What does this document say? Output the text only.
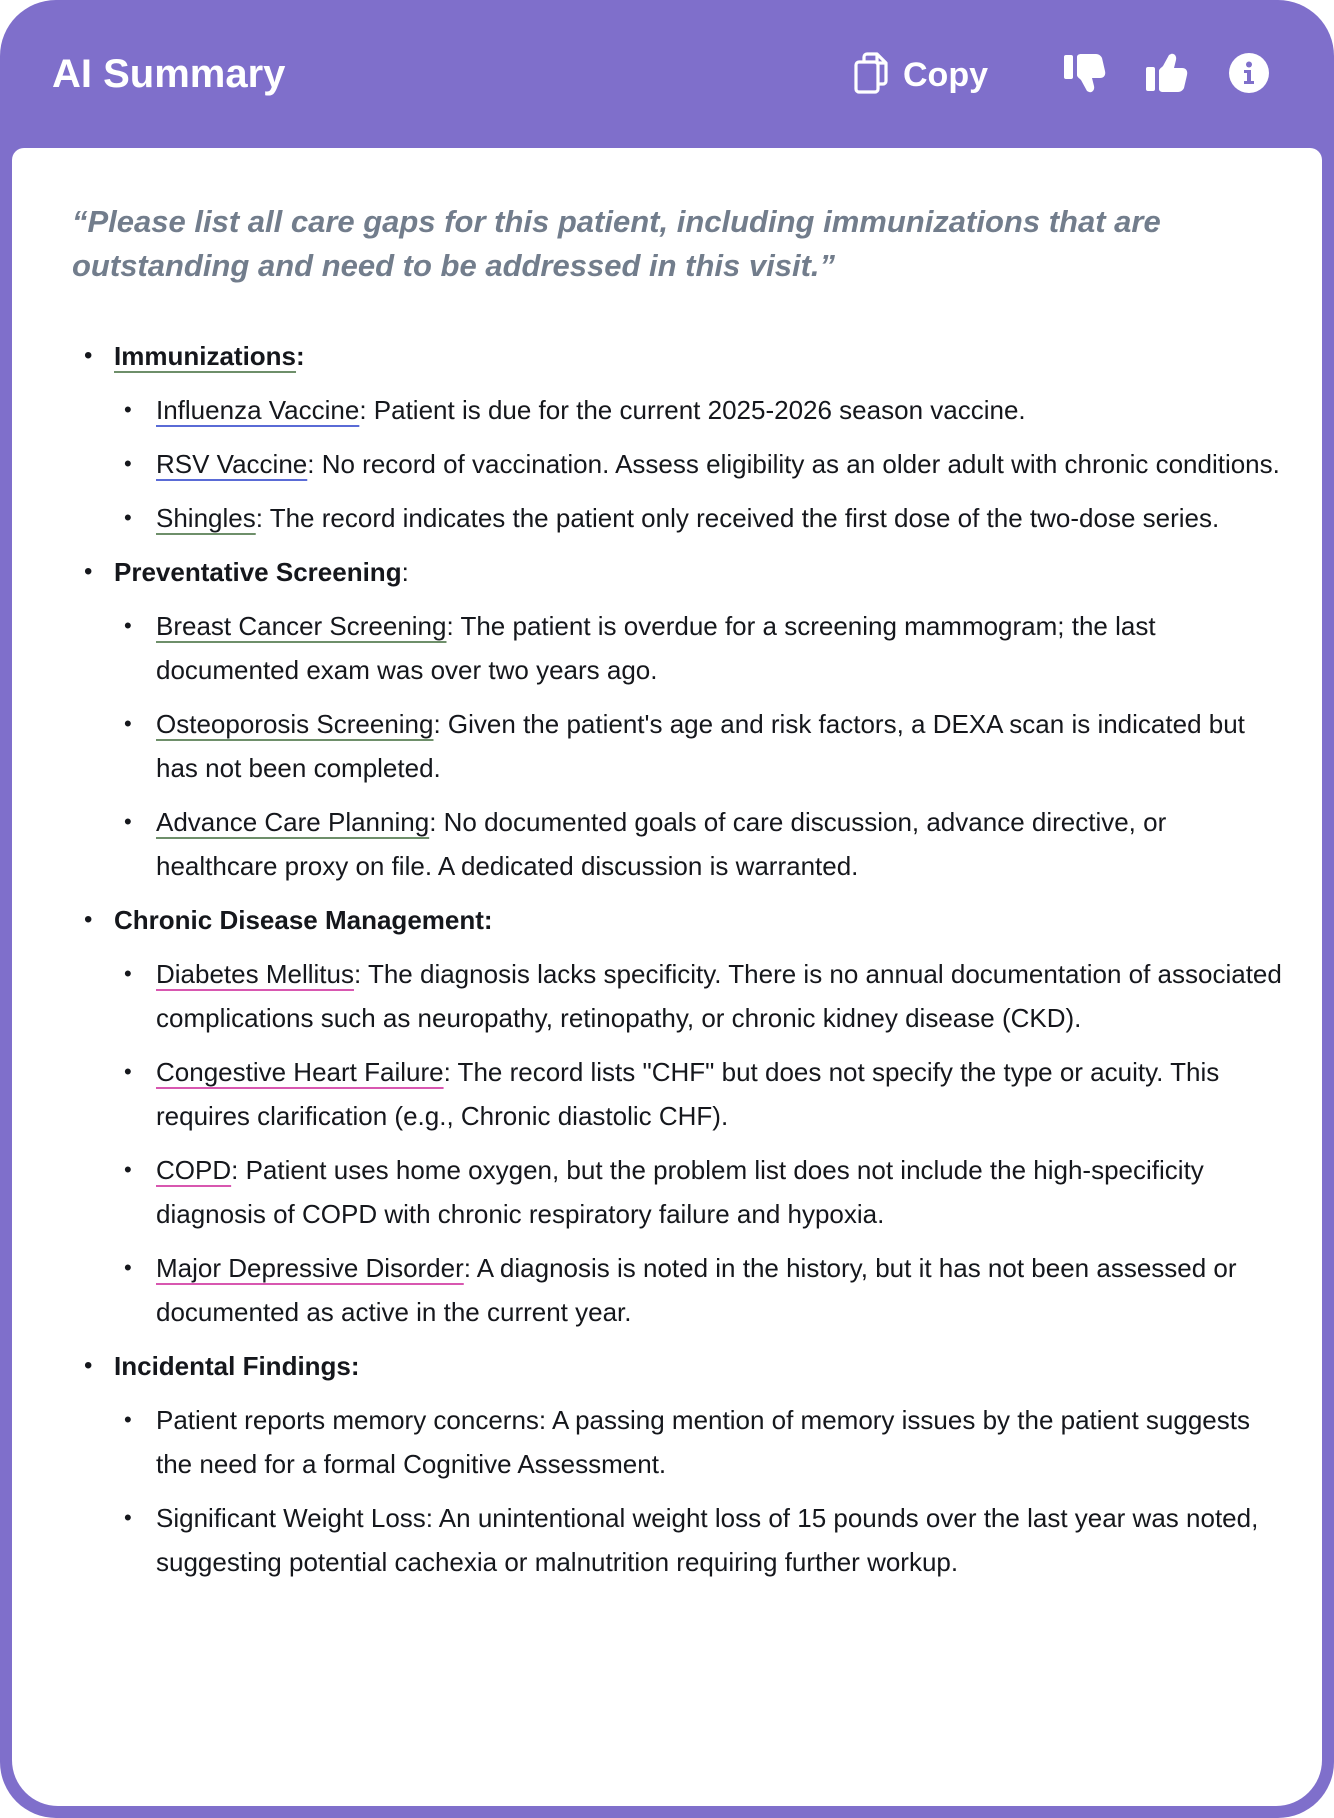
AI Summary	Copy
“Please list all care gaps for this patient, including immunizations that are outstanding and need to be addressed in this visit.”
• Immunizations:
• Influenza Vaccine: Patient is due for the current 2025-2026 season vaccine.
• RSV Vaccine: No record of vaccination. Assess eligibility as an older adult with chronic conditions.
• Shingles: The record indicates the patient only received the first dose of the two-dose series.
• Preventative Screening:
• Breast Cancer Screening: The patient is overdue for a screening mammogram; the last documented exam was over two years ago.
• Osteoporosis Screening: Given the patient's age and risk factors, a DEXA scan is indicated but has not been completed.
• Advance Care Planning: No documented goals of care discussion, advance directive, or healthcare proxy on file. A dedicated discussion is warranted.
• Chronic Disease Management:
• Diabetes Mellitus: The diagnosis lacks specificity. There is no annual documentation of associated complications such as neuropathy, retinopathy, or chronic kidney disease (CKD).
• Congestive Heart Failure: The record lists "CHF" but does not specify the type or acuity. This requires clarification (e.g., Chronic diastolic CHF).
• COPD: Patient uses home oxygen, but the problem list does not include the high-specificity diagnosis of COPD with chronic respiratory failure and hypoxia.
• Major Depressive Disorder: A diagnosis is noted in the history, but it has not been assessed or documented as active in the current year.
• Incidental Findings:
• Patient reports memory concerns: A passing mention of memory issues by the patient suggests the need for a formal Cognitive Assessment.
• Significant Weight Loss: An unintentional weight loss of 15 pounds over the last year was noted, suggesting potential cachexia or malnutrition requiring further workup.
